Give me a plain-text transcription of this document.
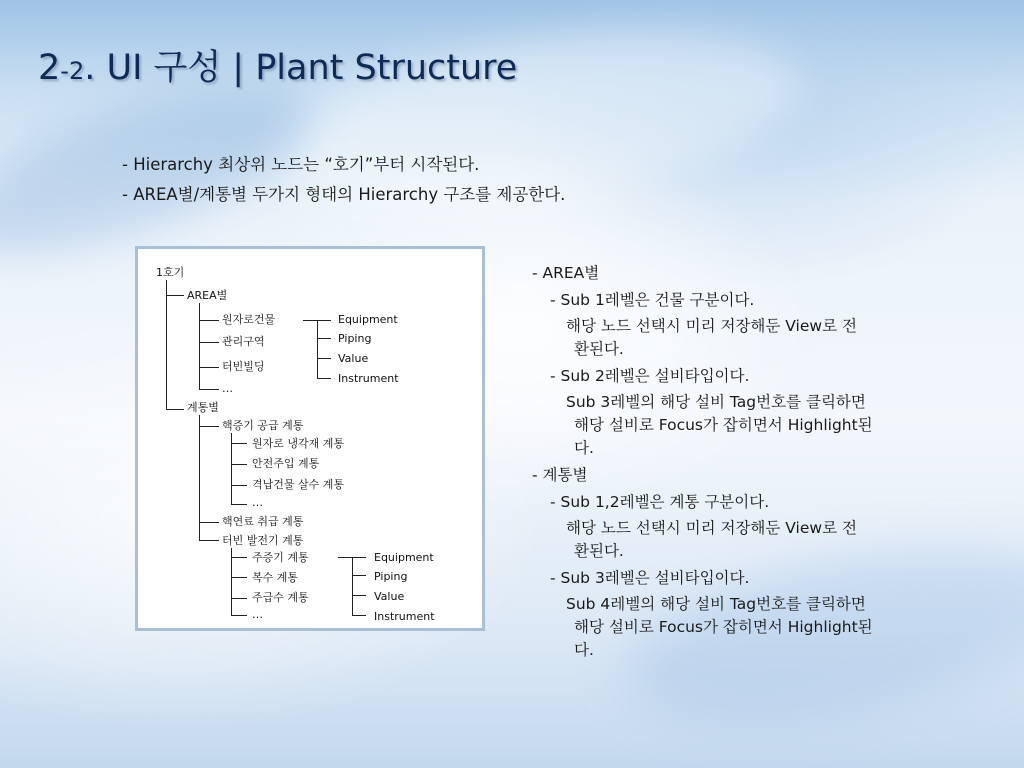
2-2. UI 구성 | Plant Structure
- Hierarchy 최상위 노드는 “호기”부터 시작된다.
- AREA별/계통별 두가지 형태의 Hierarchy 구조를 제공한다.
1호기
AREA별
원자로건물
관리구역
터빈빌딩
…
Equipment
Piping
Value
Instrument
계통별
핵증기 공급 계통
원자로 냉각재 계통
안전주입 계통
격납건물 살수 계통
…
핵연료 취급 계통
터빈 발전기 계통
주증기 계통
복수 계통
주급수 계통
…
Equipment
Piping
Value
Instrument
- AREA별
- Sub 1레벨은 건물 구분이다.
해당 노드 선택시 미리 저장해둔 View로 전
환된다.
- Sub 2레벨은 설비타입이다.
Sub 3레벨의 해당 설비 Tag번호를 클릭하면
해당 설비로 Focus가 잡히면서 Highlight된
다.
- 계통별
- Sub 1,2레벨은 계통 구분이다.
해당 노드 선택시 미리 저장해둔 View로 전
환된다.
- Sub 3레벨은 설비타입이다.
Sub 4레벨의 해당 설비 Tag번호를 클릭하면
해당 설비로 Focus가 잡히면서 Highlight된
다.
